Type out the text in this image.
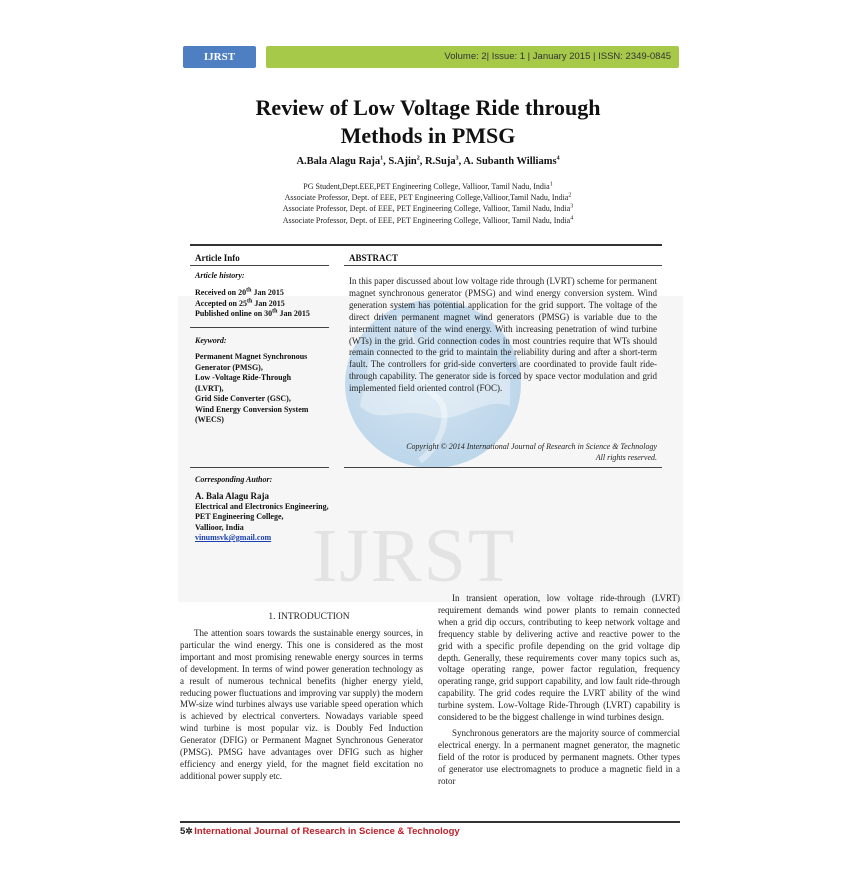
IJRST
IJRST	Volume: 2| Issue: 1 | January 2015 | ISSN: 2349-0845
Review of Low Voltage Ride through
Methods in PMSG
A.Bala Alagu Raja$^1$, S.Ajin$^2$, R.Suja$^3$, A. Subanth Williams$^4$
PG Student,Dept.EEE,PET Engineering College, Vallioor, Tamil Nadu, India$^1$
Associate Professor, Dept. of EEE, PET Engineering College,Vallioor,Tamil Nadu, India$^2$
Associate Professor, Dept. of EEE, PET Engineering College, Vallioor, Tamil Nadu, India$^3$
Associate Professor, Dept. of EEE, PET Engineering College, Vallioor, Tamil Nadu, India$^4$
Article Info
Article history:
Received on 20th Jan 2015
Accepted on 25th Jan 2015
Published online on 30th Jan 2015
Keyword:
Permanent Magnet Synchronous
Generator (PMSG),
Low -Voltage Ride-Through
(LVRT),
Grid Side Converter (GSC),
Wind Energy Conversion System
(WECS)
Corresponding Author:
A. Bala Alagu Raja
Electrical and Electronics Engineering,
PET Engineering College,
Vallioor, India
vinumsvk@gmail.com
ABSTRACT
In this paper discussed about low voltage ride through (LVRT) scheme for permanent magnet synchronous generator (PMSG) and wind energy conversion system. Wind generation system has potential application for the grid support. The voltage of the direct driven permanent magnet wind generators (PMSG) is variable due to the intermittent nature of the wind energy. With increasing penetration of wind turbine (WTs) in the grid. Grid connection codes in most countries require that WTs should remain connected to the grid to maintain the reliability during and after a short-term fault. The controllers for grid-side converters are coordinated to provide fault ride-through capability. The generator side is forced by space vector modulation and grid implemented field oriented control (FOC).
Copyright © 2014 International Journal of Research in Science & Technology
All rights reserved.
1. INTRODUCTION

The attention soars towards the sustainable energy sources, in particular the wind energy. This one is considered as the most important and most promising renewable energy sources in terms of development. In terms of wind power generation technology as a result of numerous technical benefits (higher energy yield, reducing power fluctuations and improving var supply) the modern MW-size wind turbines always use variable speed operation which is achieved by electrical converters. Nowadays variable speed wind turbine is most popular viz. is Doubly Fed Induction Generator (DFIG) or Permanent Magnet Synchronous Generator (PMSG). PMSG have advantages over DFIG such as higher efficiency and energy yield, for the magnet field excitation no additional power supply etc.

In transient operation, low voltage ride-through (LVRT) requirement demands wind power plants to remain connected when a grid dip occurs, contributing to keep network voltage and frequency stable by delivering active and reactive power to the grid with a specific profile depending on the grid voltage dip depth. Generally, these requirements cover many topics such as, voltage operating range, power factor regulation, frequency operating range, grid support capability, and low fault ride-through capability. The grid codes require the LVRT ability of the wind turbine system. Low-Voltage Ride-Through (LVRT) capability is considered to be the biggest challenge in wind turbines design.

Synchronous generators are the majority source of commercial electrical energy. In a permanent magnet generator, the magnetic field of the rotor is produced by permanent magnets. Other types of generator use electromagnets to produce a magnetic field in a rotor

5✲International Journal of Research in Science & Technology
